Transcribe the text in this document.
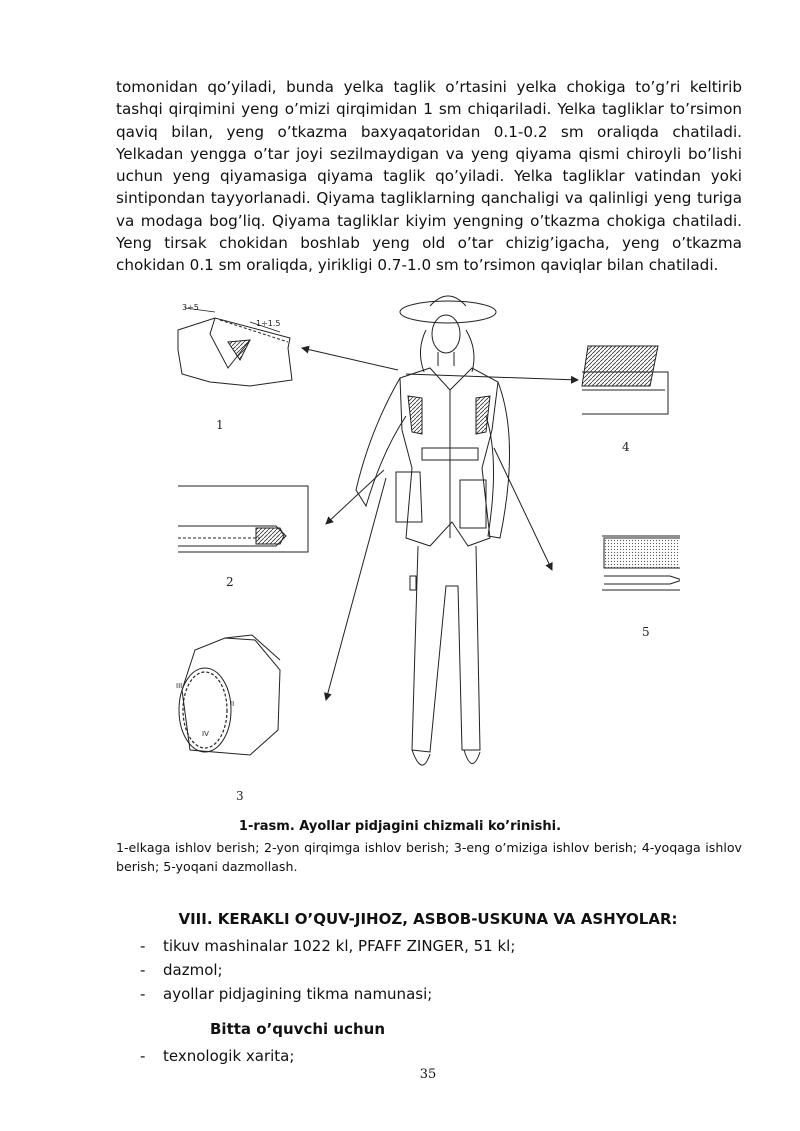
tomonidan qo’yiladi, bunda yelka taglik o’rtasini yelka chokiga to’g’ri keltirib tashqi qirqimini yeng o’mizi qirqimidan 1 sm chiqariladi. Yelka tagliklar to’rsimon qaviq bilan, yeng o’tkazma baxyaqatoridan 0.1-0.2 sm oraliqda chatiladi. Yelkadan yengga o’tar joyi sezilmaydigan va yeng qiyama qismi chiroyli bo’lishi uchun yeng qiyamasiga qiyama taglik qo’yiladi. Yelka tagliklar vatindan yoki sintipondan tayyorlanadi. Qiyama tagliklarning qanchaligi va qalinligi yeng turiga va modaga bog’liq. Qiyama tagliklar kiyim yengning o’tkazma chokiga chatiladi. Yeng tirsak chokidan boshlab yeng old o’tar chizig’igacha, yeng o’tkazma chokidan 0.1 sm oraliqda, yirikligi 0.7-1.0 sm to’rsimon qaviqlar bilan chatiladi.

3÷5
1÷1.5
1
2
III
II
IV
3
4
5

1-rasm. Ayollar pidjagini chizmali ko’rinishi.

1-elkaga ishlov berish; 2-yon qirqimga ishlov berish; 3-eng o’miziga ishlov berish; 4-yoqaga ishlov berish; 5-yoqani dazmollash.

VIII. KERAKLI O’QUV-JIHOZ, ASBOB-USKUNA VA ASHYOLAR:
- tikuv mashinalar 1022 kl, PFAFF ZINGER, 51 kl;
- dazmol;
- ayollar pidjagining tikma namunasi;
Bitta o’quvchi uchun
- texnologik xarita;
35
